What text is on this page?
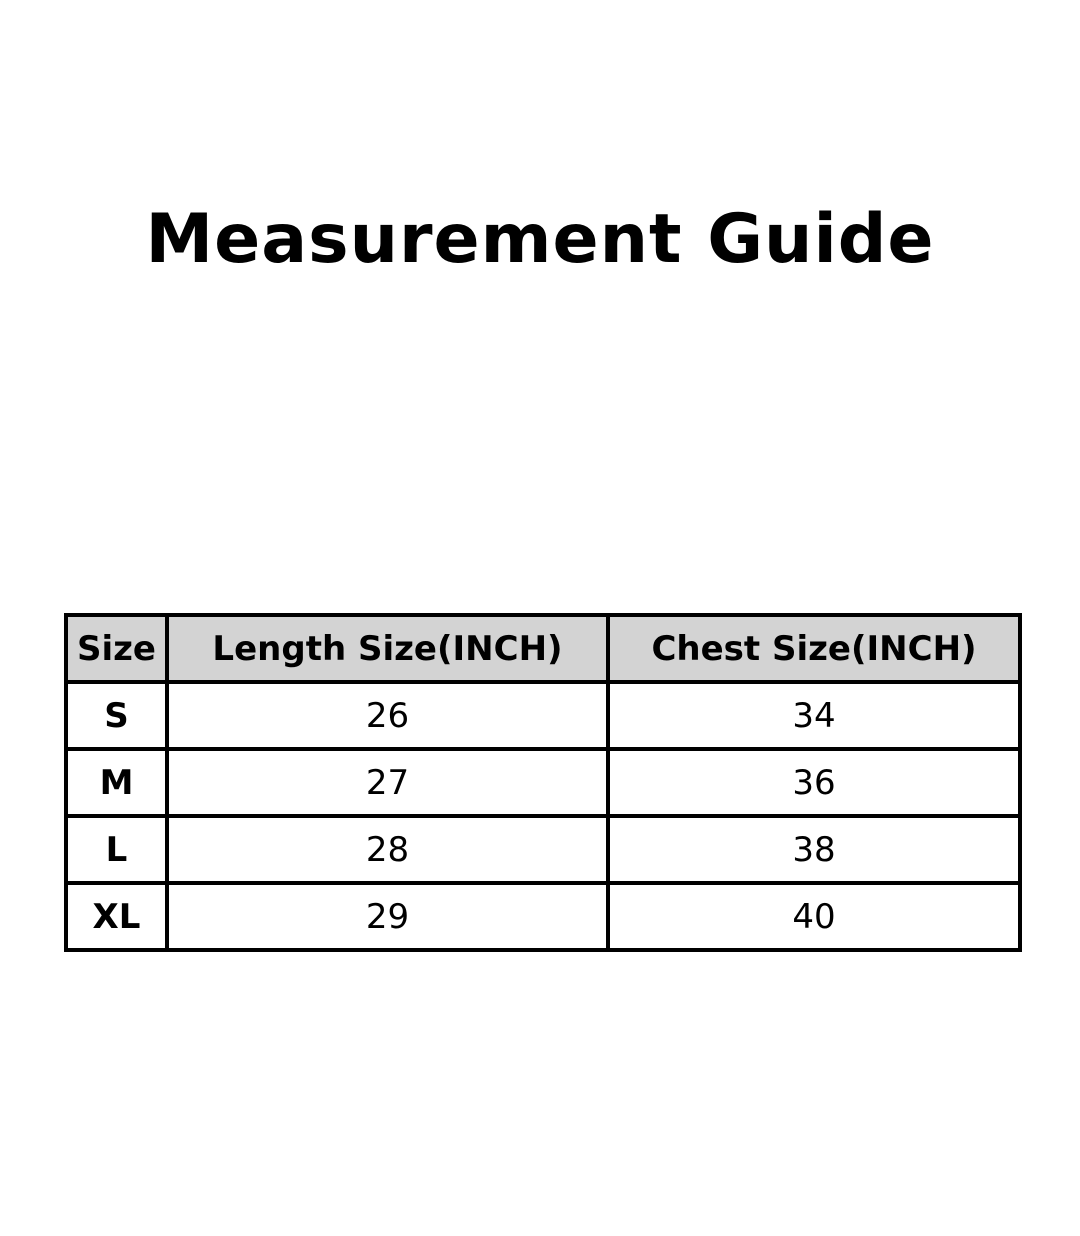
Measurement Guide
Size	Length Size(INCH)	Chest Size(INCH)
S	26	34
M	27	36
L	28	38
XL	29	40
